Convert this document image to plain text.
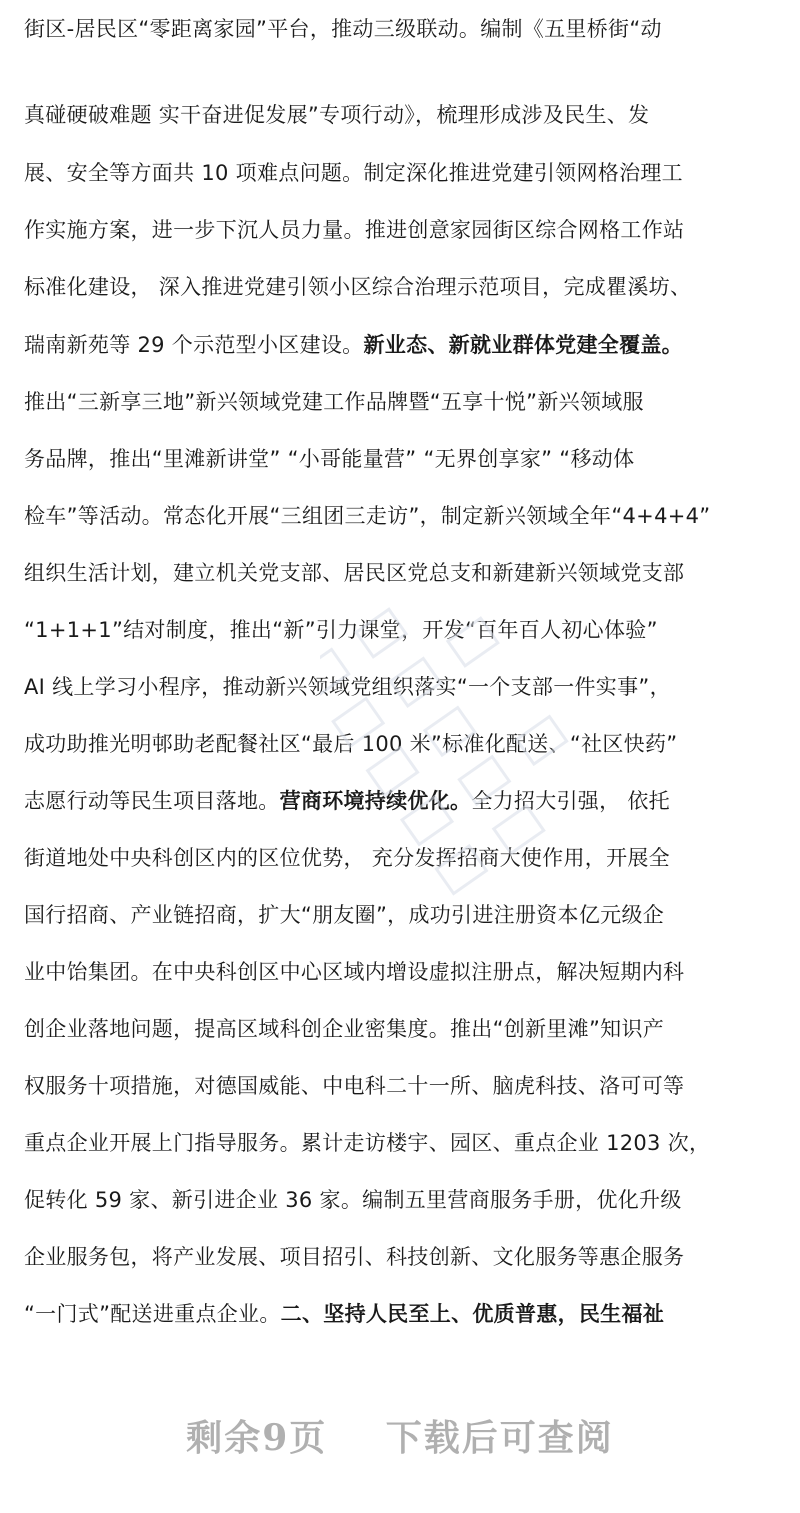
街区-居民区“零距离家园”平台，推动三级联动。编制《五里桥街“动
真碰硬破难题 实干奋进促发展”专项行动》，梳理形成涉及民生、发
展、安全等方面共 10 项难点问题。制定深化推进党建引领网格治理工
作实施方案，进一步下沉人员力量。推进创意家园街区综合网格工作站
标准化建设， 深入推进党建引领小区综合治理示范项目，完成瞿溪坊、
瑞南新苑等 29 个示范型小区建设。新业态、新就业群体党建全覆盖。
推出“三新享三地”新兴领域党建工作品牌暨“五享十悦”新兴领域服
务品牌，推出“里滩新讲堂” “小哥能量营” “无界创享家” “移动体
检车”等活动。常态化开展“三组团三走访”，制定新兴领域全年“4+4+4”
组织生活计划，建立机关党支部、居民区党总支和新建新兴领域党支部
“1+1+1”结对制度，推出“新”引力课堂，开发“百年百人初心体验”
AI 线上学习小程序，推动新兴领域党组织落实“一个支部一件实事”，
成功助推光明邨助老配餐社区“最后 100 米”标准化配送、“社区快药”
志愿行动等民生项目落地。营商环境持续优化。全力招大引强， 依托
街道地处中央科创区内的区位优势， 充分发挥招商大使作用，开展全
国行招商、产业链招商，扩大“朋友圈”，成功引进注册资本亿元级企
业中饴集团。在中央科创区中心区域内增设虚拟注册点，解决短期内科
创企业落地问题，提高区域科创企业密集度。推出“创新里滩”知识产
权服务十项措施，对德国威能、中电科二十一所、脑虎科技、洛可可等
重点企业开展上门指导服务。累计走访楼宇、园区、重点企业 1203 次，
促转化 59 家、新引进企业 36 家。编制五里营商服务手册，优化升级
企业服务包，将产业发展、项目招引、科技创新、文化服务等惠企服务
“一门式”配送进重点企业。二、坚持人民至上、优质普惠，民生福祉
剩余9页 下载后可查阅
